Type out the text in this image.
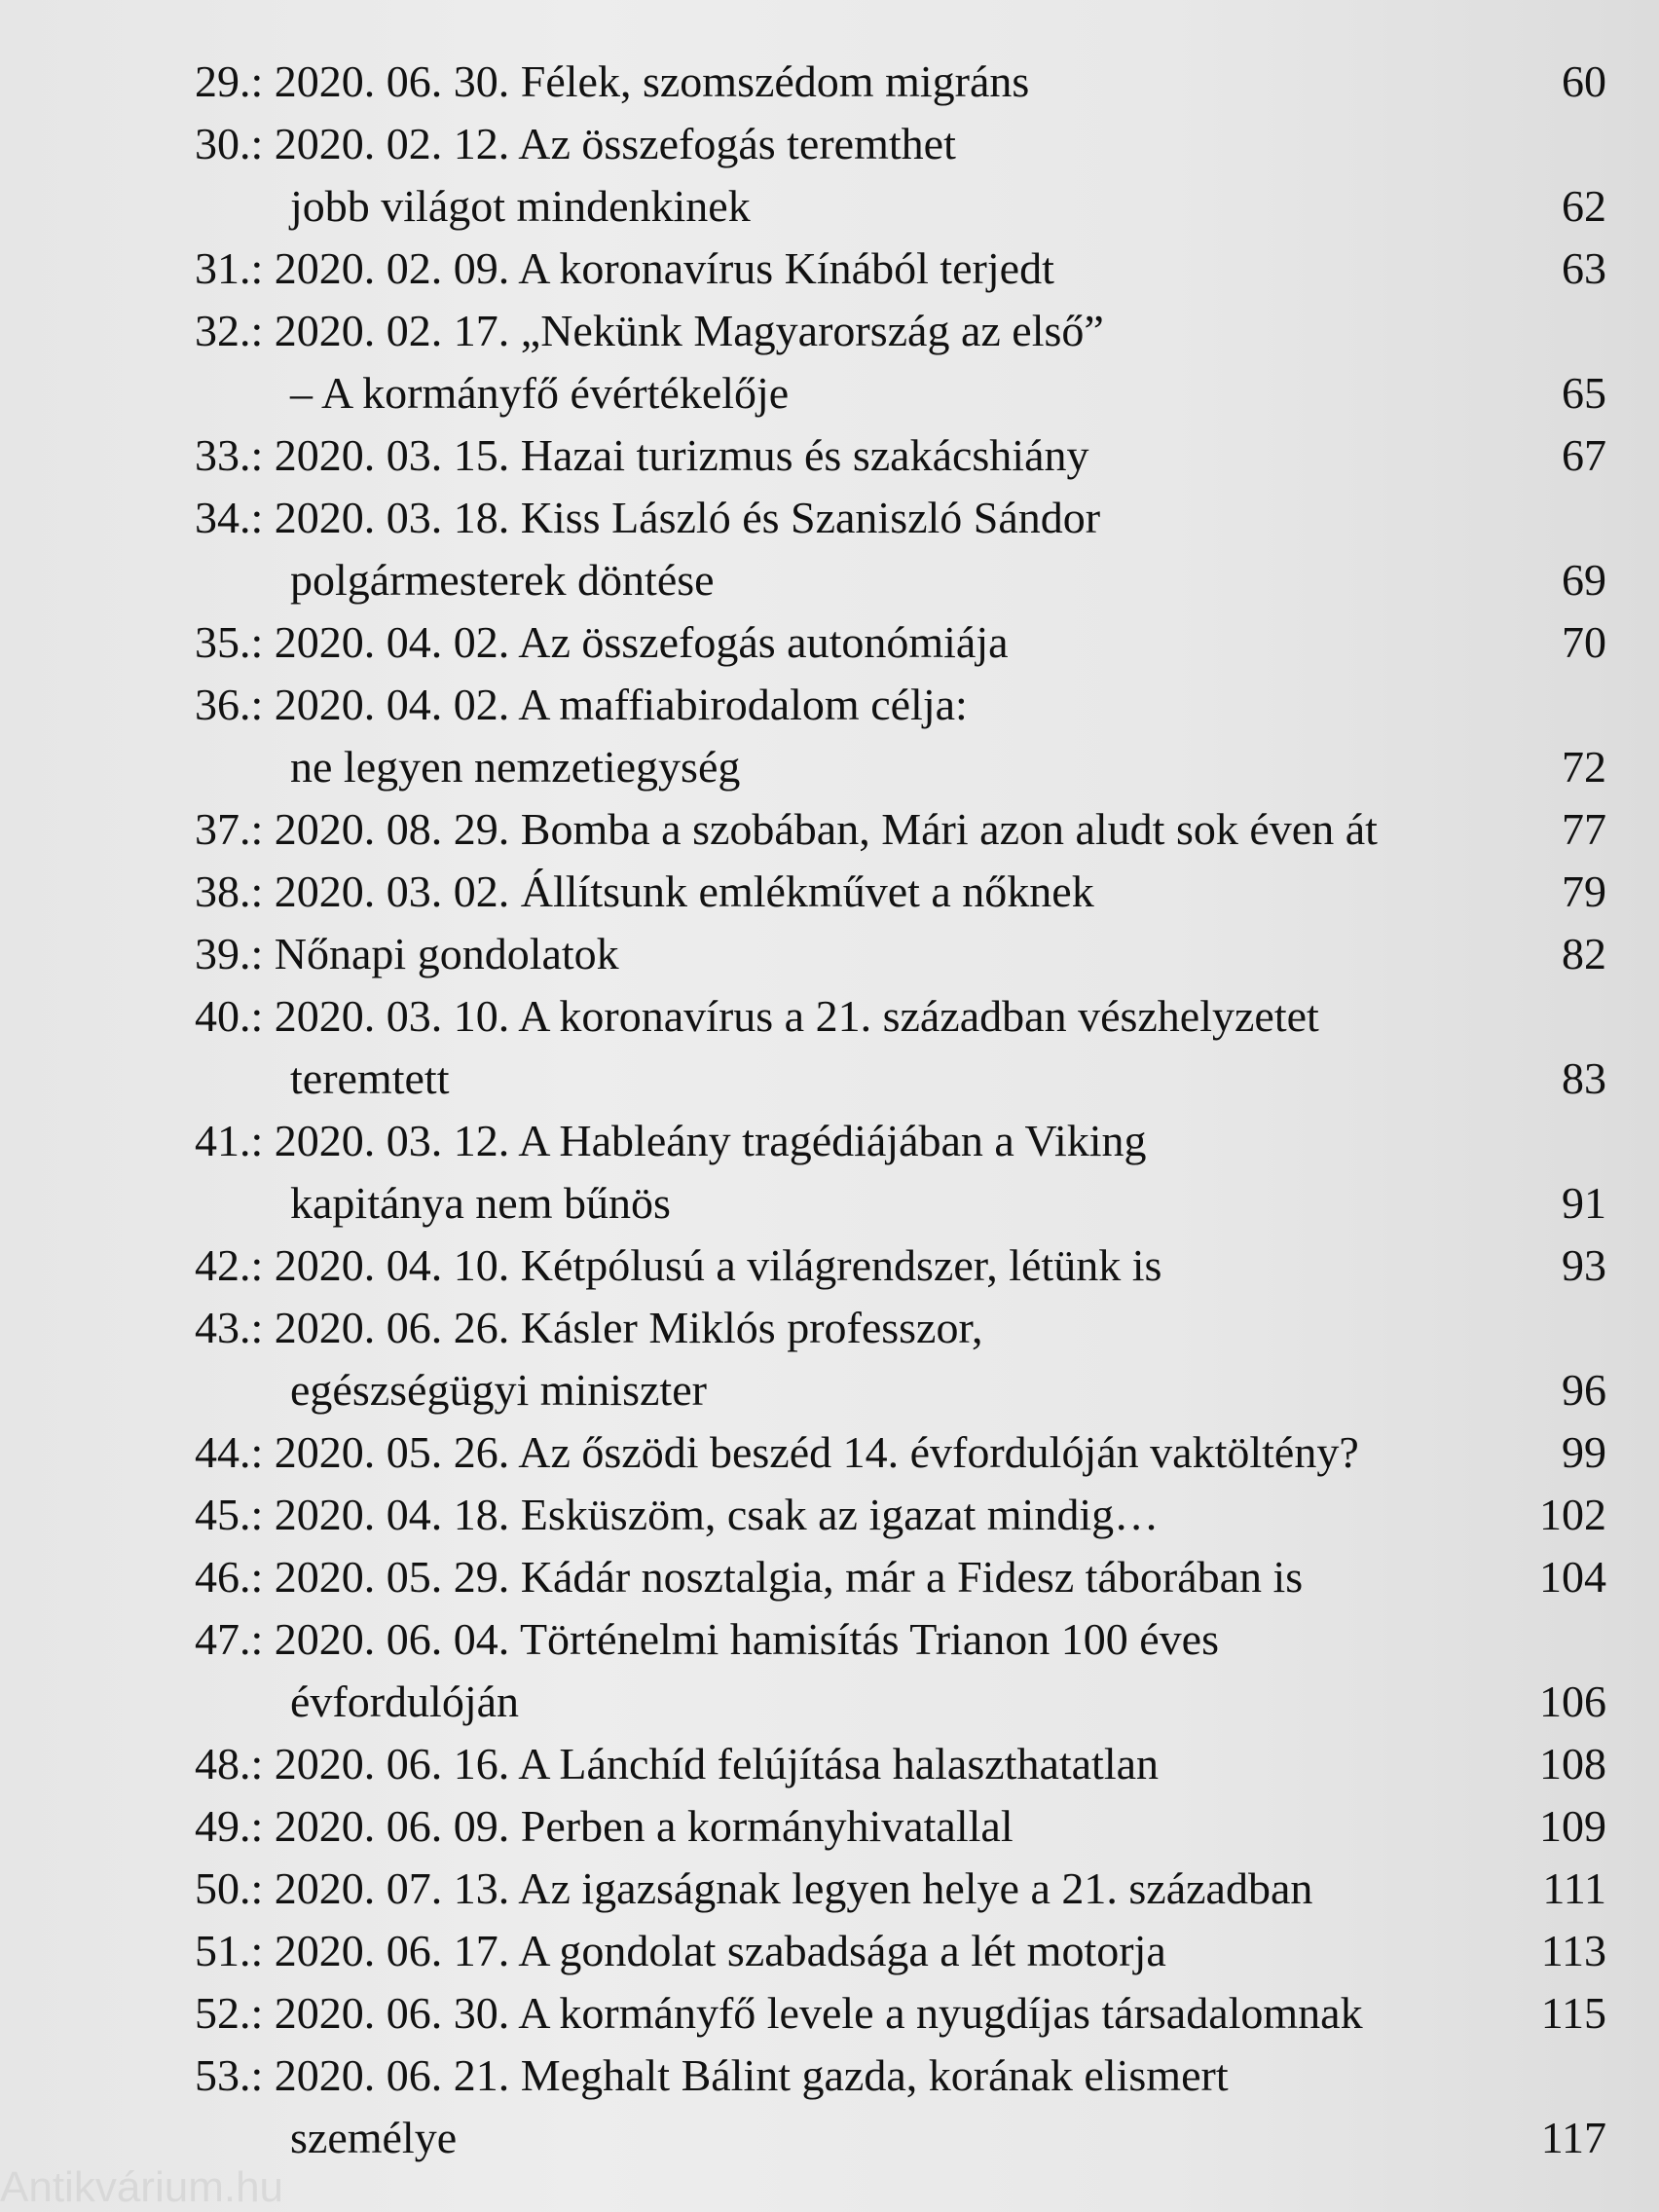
29.: 2020. 06. 30. Félek, szomszédom migráns	60
30.: 2020. 02. 12. Az összefogás teremthet
jobb világot mindenkinek	62
31.: 2020. 02. 09. A koronavírus Kínából terjedt	63
32.: 2020. 02. 17. „Nekünk Magyarország az első”
– A kormányfő évértékelője	65
33.: 2020. 03. 15. Hazai turizmus és szakácshiány	67
34.: 2020. 03. 18. Kiss László és Szaniszló Sándor
polgármesterek döntése	69
35.: 2020. 04. 02. Az összefogás autonómiája	70
36.: 2020. 04. 02. A maffiabirodalom célja:
ne legyen nemzetiegység	72
37.: 2020. 08. 29. Bomba a szobában, Mári azon aludt sok éven át	77
38.: 2020. 03. 02. Állítsunk emlékművet a nőknek	79
39.: Nőnapi gondolatok	82
40.: 2020. 03. 10. A koronavírus a 21. században vészhelyzetet
teremtett	83
41.: 2020. 03. 12. A Hableány tragédiájában a Viking
kapitánya nem bűnös	91
42.: 2020. 04. 10. Kétpólusú a világrendszer, létünk is	93
43.: 2020. 06. 26. Kásler Miklós professzor,
egészségügyi miniszter	96
44.: 2020. 05. 26. Az őszödi beszéd 14. évfordulóján vaktöltény?	99
45.: 2020. 04. 18. Esküszöm, csak az igazat mindig…	102
46.: 2020. 05. 29. Kádár nosztalgia, már a Fidesz táborában is	104
47.: 2020. 06. 04. Történelmi hamisítás Trianon 100 éves
évfordulóján	106
48.: 2020. 06. 16. A Lánchíd felújítása halaszthatatlan	108
49.: 2020. 06. 09. Perben a kormányhivatallal	109
50.: 2020. 07. 13. Az igazságnak legyen helye a 21. században	111
51.: 2020. 06. 17. A gondolat szabadsága a lét motorja	113
52.: 2020. 06. 30. A kormányfő levele a nyugdíjas társadalomnak	115
53.: 2020. 06. 21. Meghalt Bálint gazda, korának elismert
személye	117
Antikvárium.hu
